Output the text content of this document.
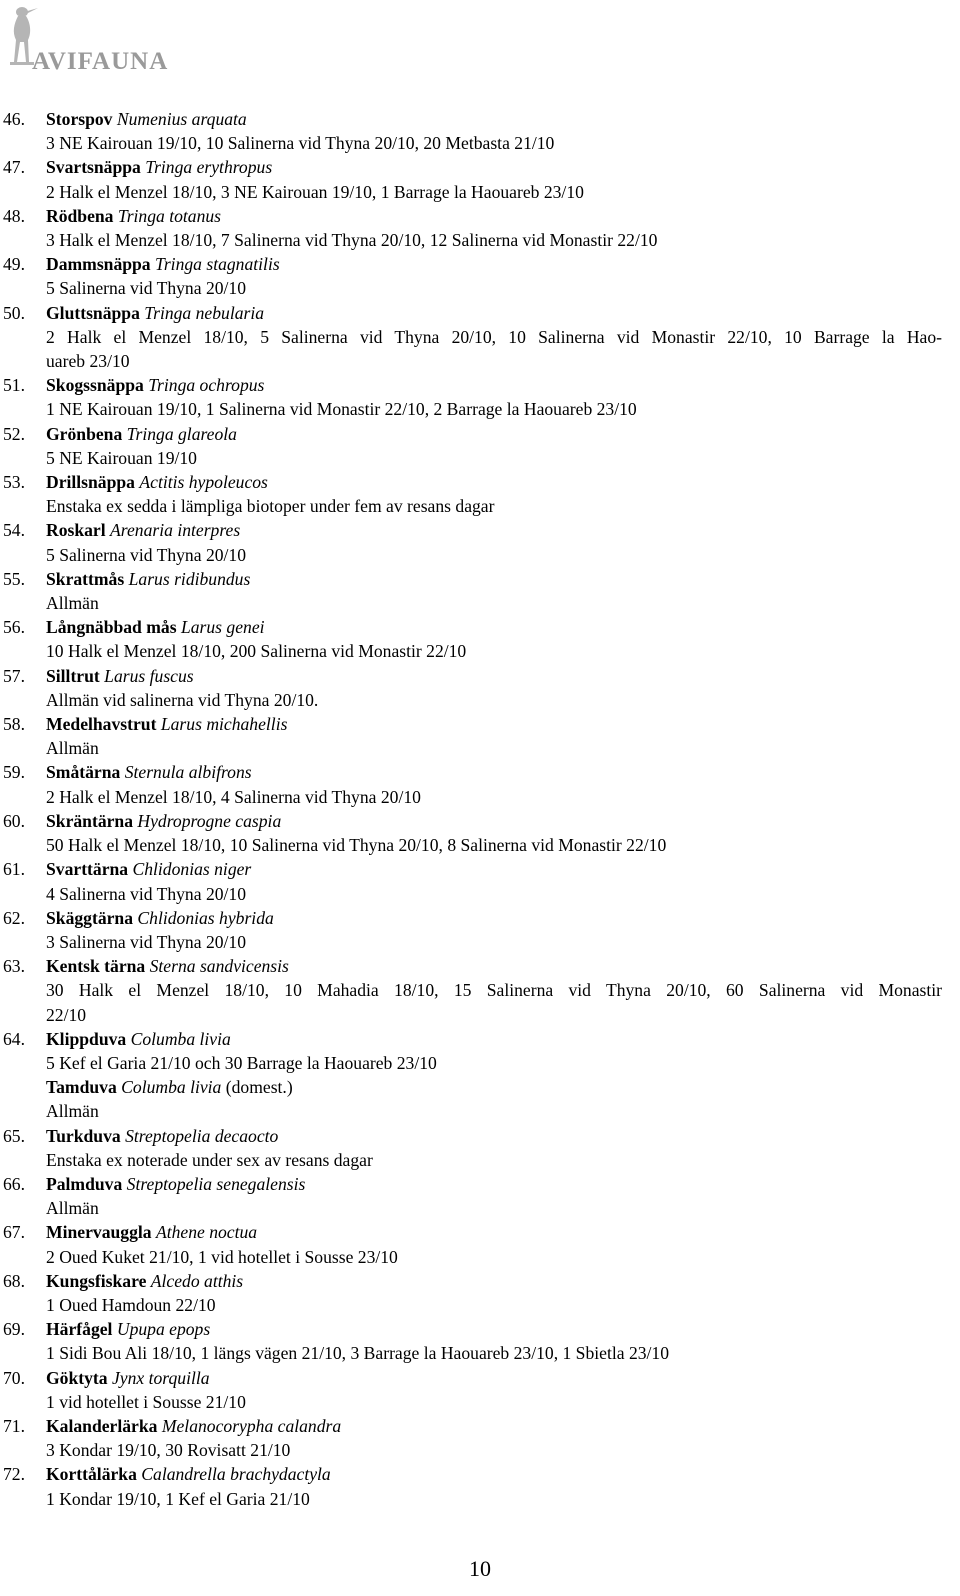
AVIFAUNA
46. Storspov Numenius arquata
3 NE Kairouan 19/10, 10 Salinerna vid Thyna 20/10, 20 Metbasta 21/10
47. Svartsnäppa Tringa erythropus
2 Halk el Menzel 18/10, 3 NE Kairouan 19/10, 1 Barrage la Haouareb 23/10
48. Rödbena Tringa totanus
3 Halk el Menzel 18/10, 7 Salinerna vid Thyna 20/10, 12 Salinerna vid Monastir 22/10
49. Dammsnäppa Tringa stagnatilis
5 Salinerna vid Thyna 20/10
50. Gluttsnäppa Tringa nebularia
2 Halk el Menzel 18/10, 5 Salinerna vid Thyna 20/10, 10 Salinerna vid Monastir 22/10, 10 Barrage la Hao-
uareb 23/10
51. Skogssnäppa Tringa ochropus
1 NE Kairouan 19/10, 1 Salinerna vid Monastir 22/10, 2 Barrage la Haouareb 23/10
52. Grönbena Tringa glareola
5 NE Kairouan 19/10
53. Drillsnäppa Actitis hypoleucos
Enstaka ex sedda i lämpliga biotoper under fem av resans dagar
54. Roskarl Arenaria interpres
5 Salinerna vid Thyna 20/10
55. Skrattmås Larus ridibundus
Allmän
56. Långnäbbad mås Larus genei
10 Halk el Menzel 18/10, 200 Salinerna vid Monastir 22/10
57. Silltrut Larus fuscus
Allmän vid salinerna vid Thyna 20/10.
58. Medelhavstrut Larus michahellis
Allmän
59. Småtärna Sternula albifrons
2 Halk el Menzel 18/10, 4 Salinerna vid Thyna 20/10
60. Skräntärna Hydroprogne caspia
50 Halk el Menzel 18/10, 10 Salinerna vid Thyna 20/10, 8 Salinerna vid Monastir 22/10
61. Svarttärna Chlidonias niger
4 Salinerna vid Thyna 20/10
62. Skäggtärna Chlidonias hybrida
3 Salinerna vid Thyna 20/10
63. Kentsk tärna Sterna sandvicensis
30 Halk el Menzel 18/10, 10 Mahadia 18/10, 15 Salinerna vid Thyna 20/10, 60 Salinerna vid Monastir
22/10
64. Klippduva Columba livia
5 Kef el Garia 21/10 och 30 Barrage la Haouareb 23/10
Tamduva Columba livia (domest.)
Allmän
65. Turkduva Streptopelia decaocto
Enstaka ex noterade under sex av resans dagar
66. Palmduva Streptopelia senegalensis
Allmän
67. Minervauggla Athene noctua
2 Oued Kuket 21/10, 1 vid hotellet i Sousse 23/10
68. Kungsfiskare Alcedo atthis
1 Oued Hamdoun 22/10
69. Härfågel Upupa epops
1 Sidi Bou Ali 18/10, 1 längs vägen 21/10, 3 Barrage la Haouareb 23/10, 1 Sbietla 23/10
70. Göktyta Jynx torquilla
1 vid hotellet i Sousse 21/10
71. Kalanderlärka Melanocorypha calandra
3 Kondar 19/10, 30 Rovisatt 21/10
72. Korttålärka Calandrella brachydactyla
1 Kondar 19/10, 1 Kef el Garia 21/10
10
